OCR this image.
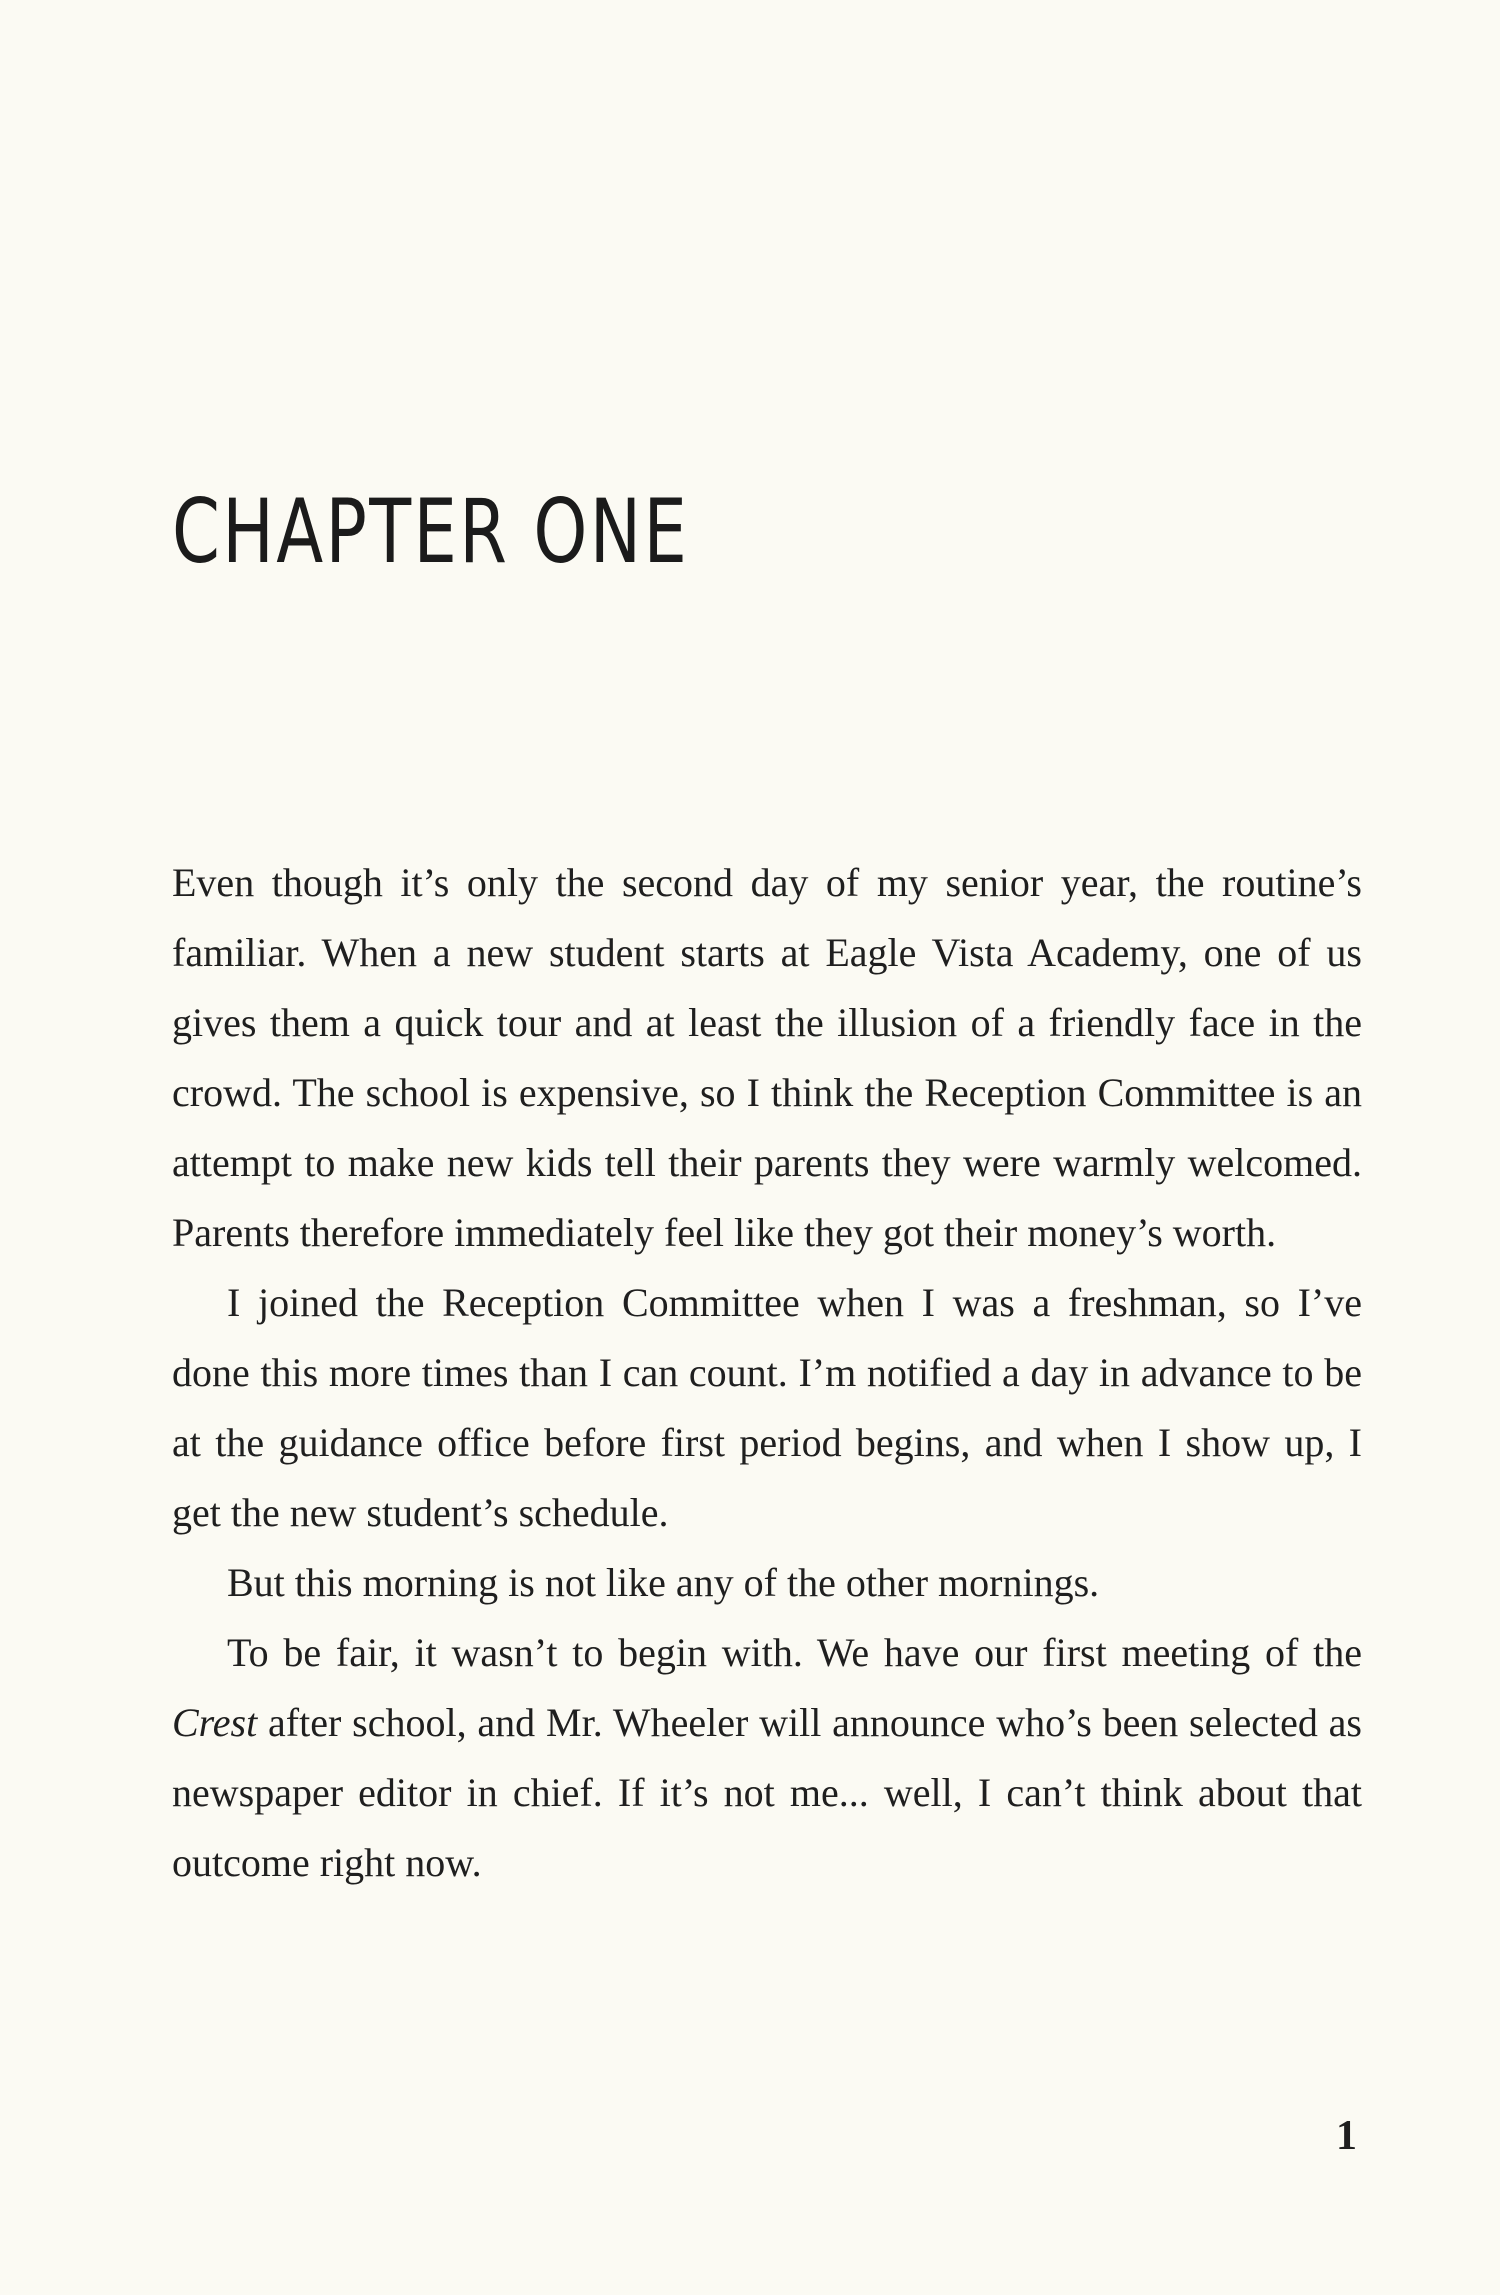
CHAPTER ONE

Even though it’s only the second day of my senior year, the routine’s familiar. When a new student starts at Eagle Vista Academy, one of us gives them a quick tour and at least the illusion of a friendly face in the crowd. The school is expensive, so I think the Reception Committee is an attempt to make new kids tell their parents they were warmly welcomed. Parents therefore immediately feel like they got their money’s worth.

I joined the Reception Committee when I was a freshman, so I’ve done this more times than I can count. I’m notified a day in advance to be at the guidance office before first period begins, and when I show up, I get the new student’s schedule.

But this morning is not like any of the other mornings.

To be fair, it wasn’t to begin with. We have our first meeting of the Crest after school, and Mr. Wheeler will announce who’s been selected as newspaper editor in chief. If it’s not me... well, I can’t think about that outcome right now.

1
